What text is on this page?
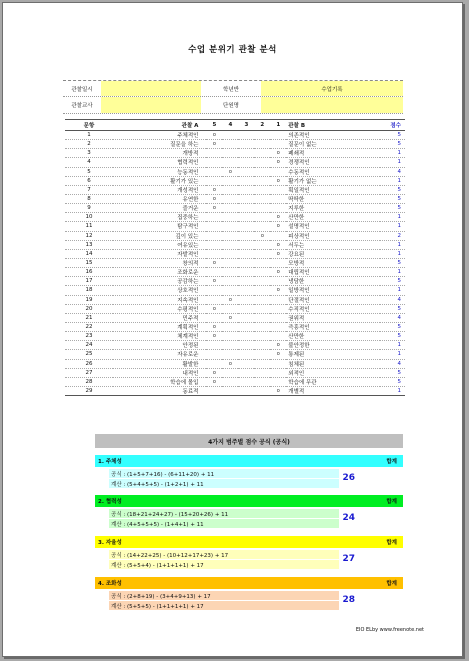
수업 분위기 관찰 분석
관찰일시	학년반	수업기록
관찰교사	단원명
문항	관찰 A	5	4	3	2	1	관찰 B	점수
1	주체적인	o					의존적인	5
2	질문을 하는	o					질문이 없는	5
3	개방적					o	폐쇄적	1
4	협력적인					o	경쟁적인	1
5	능동적인		o				수동적인	4
6	활기가 있는					o	활기가 없는	1
7	개성적인	o					획일적인	5
8	유연한	o					딱딱한	5
9	즐거운	o					지루한	5
10	집중하는					o	산만한	1
11	탐구적인					o	설명적인	1
12	깊이 있는				o		피상적인	2
13	여유있는					o	서두는	1
14	자발적인					o	강요된	1
15	창의적	o					모방적	5
16	조화로운					o	대립적인	1
17	공감하는	o					냉담한	5
18	상호적인					o	일방적인	1
19	지속적인		o				단절적인	4
20	수평적인	o					수직적인	5
21	민주적		o				권위적	4
22	계획적인	o					즉흥적인	5
23	체계적인	o					산만한	5
24	안정된					o	불안정한	1
25	자유로운					o	통제된	1
26	활발한		o				침체된	4
27	내적인	o					외적인	5
28	학습에 몰입	o					학습에 무관	5
29	동료적					o	개별적	1
4가지 범주별 점수 공식 (공식)
1. 주체성	합계
공식 : (1+5+7+16) - (6+11+20) + 11
계산 : (5+4+5+5) - (1+2+1) + 11
26
2. 협력성	합계
공식 : (18+21+24+27) - (15+20+26) + 11
계산 : (4+5+5+5) - (1+4+1) + 11
24
3. 자율성	합계
공식 : (14+22+25) - (10+12+17+23) + 17
계산 : (5+5+4) - (1+1+1+1) + 17
27
4. 조화성	합계
공식 : (2+8+19) - (3+4+9+13) + 17
계산 : (5+5+5) - (1+1+1+1) + 17
28
EIO ELby www.freenote.net
